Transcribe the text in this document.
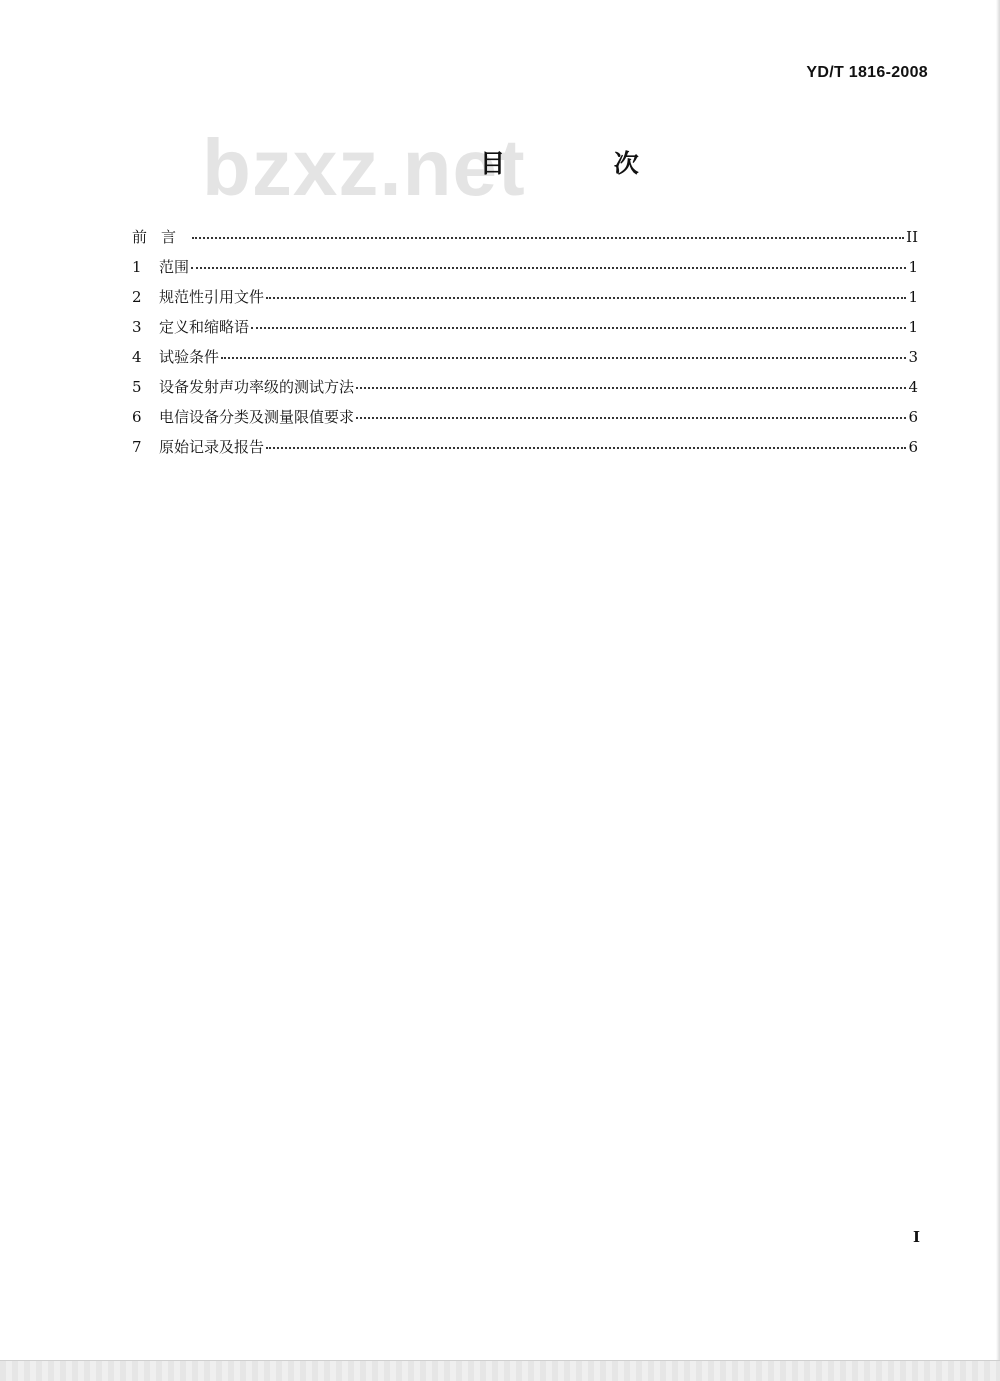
YD/T 1816-2008
bzxz.net
目 次
前言	II
1	范围	1
2	规范性引用文件	1
3	定义和缩略语	1
4	试验条件	3
5	设备发射声功率级的测试方法	4
6	电信设备分类及测量限值要求	6
7	原始记录及报告	6
I
